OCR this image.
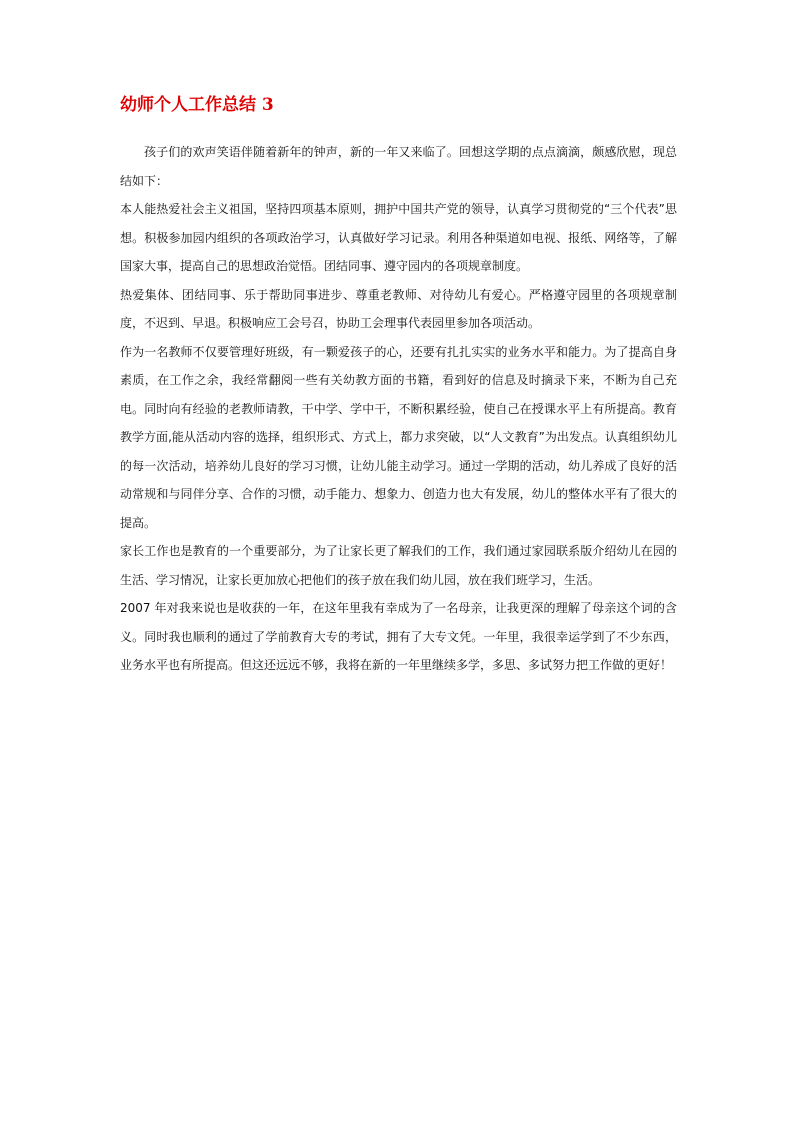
幼师个人工作总结 3

孩子们的欢声笑语伴随着新年的钟声，新的一年又来临了。回想这学期的点点滴滴，颇感欣慰，现总结如下：

本人能热爱社会主义祖国，坚持四项基本原则，拥护中国共产党的领导，认真学习贯彻党的“三个代表”思想。积极参加园内组织的各项政治学习，认真做好学习记录。利用各种渠道如电视、报纸、网络等，了解国家大事，提高自己的思想政治觉悟。团结同事、遵守园内的各项规章制度。

热爱集体、团结同事、乐于帮助同事进步、尊重老教师、对待幼儿有爱心。严格遵守园里的各项规章制度，不迟到、早退。积极响应工会号召，协助工会理事代表园里参加各项活动。

作为一名教师不仅要管理好班级，有一颗爱孩子的心，还要有扎扎实实的业务水平和能力。为了提高自身素质，在工作之余，我经常翻阅一些有关幼教方面的书籍，看到好的信息及时摘录下来，不断为自己充电。同时向有经验的老教师请教，干中学、学中干，不断积累经验，使自己在授课水平上有所提高。教育教学方面,能从活动内容的选择，组织形式、方式上，都力求突破，以“人文教育”为出发点。认真组织幼儿的每一次活动，培养幼儿良好的学习习惯，让幼儿能主动学习。通过一学期的活动，幼儿养成了良好的活动常规和与同伴分享、合作的习惯，动手能力、想象力、创造力也大有发展，幼儿的整体水平有了很大的提高。

家长工作也是教育的一个重要部分，为了让家长更了解我们的工作，我们通过家园联系版介绍幼儿在园的生活、学习情况，让家长更加放心把他们的孩子放在我们幼儿园，放在我们班学习，生活。

2007 年对我来说也是收获的一年，在这年里我有幸成为了一名母亲，让我更深的理解了母亲这个词的含义。同时我也顺利的通过了学前教育大专的考试，拥有了大专文凭。一年里，我很幸运学到了不少东西，业务水平也有所提高。但这还远远不够，我将在新的一年里继续多学，多思、多试努力把工作做的更好！
